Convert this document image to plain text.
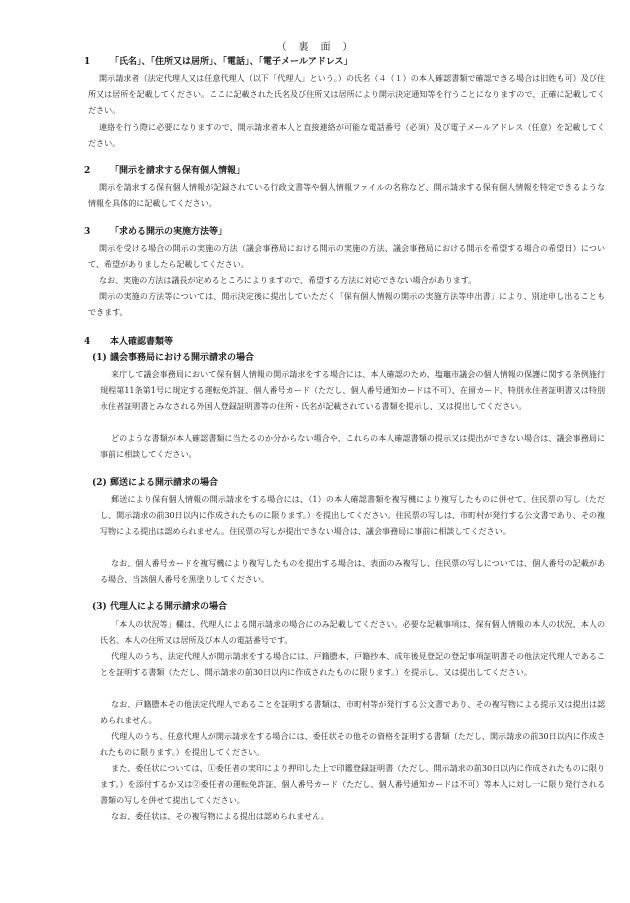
（　裏　面　）
1 「氏名」、「住所又は居所」、「電話」、「電子メールアドレス」
開示請求者（法定代理人又は任意代理人（以下「代理人」という。）の氏名（４（１）の本人確認書類で確認できる場合は旧姓も可）及び住所又は居所を記載してください。ここに記載された氏名及び住所又は居所により開示決定通知等を行うことになりますので、正確に記載してください。
連絡を行う際に必要になりますので、開示請求者本人と直接連絡が可能な電話番号（必須）及び電子メールアドレス（任意）を記載してください。
2 「開示を請求する保有個人情報」
開示を請求する保有個人情報が記録されている行政文書等や個人情報ファイルの名称など、開示請求する保有個人情報を特定できるような情報を具体的に記載してください。
3 「求める開示の実施方法等」
開示を受ける場合の開示の実施の方法（議会事務局における開示の実施の方法、議会事務局における開示を希望する場合の希望日）について、希望がありましたら記載してください。
なお、実施の方法は議長が定めるところによりますので、希望する方法に対応できない場合があります。
開示の実施の方法等については、開示決定後に提出していただく「保有個人情報の開示の実施方法等申出書」により、別途申し出ることもできます。
4 本人確認書類等
(1) 議会事務局における開示請求の場合
来庁して議会事務局において保有個人情報の開示請求をする場合には、本人確認のため、塩竈市議会の個人情報の保護に関する条例施行規程第11条第1号に規定する運転免許証、個人番号カード（ただし、個人番号通知カードは不可）、在留カード、特別永住者証明書又は特別永住者証明書とみなされる外国人登録証明書等の住所・氏名が記載されている書類を提示し、又は提出してください。
どのような書類が本人確認書類に当たるのか分からない場合や、これらの本人確認書類の提示又は提出ができない場合は、議会事務局に事前に相談してください。
(2) 郵送による開示請求の場合
郵送により保有個人情報の開示請求をする場合には、（1）の本人確認書類を複写機により複写したものに併せて、住民票の写し（ただし、開示請求の前30日以内に作成されたものに限ります。）を提出してください。住民票の写しは、市町村が発行する公文書であり、その複写物による提出は認められません。住民票の写しが提出できない場合は、議会事務局に事前に相談してください。
なお、個人番号カードを複写機により複写したものを提出する場合は、表面のみ複写し、住民票の写しについては、個人番号の記載がある場合、当該個人番号を黒塗りしてください。
(3) 代理人による開示請求の場合
「本人の状況等」欄は、代理人による開示請求の場合にのみ記載してください。必要な記載事項は、保有個人情報の本人の状況、本人の氏名、本人の住所又は居所及び本人の電話番号です。
代理人のうち、法定代理人が開示請求をする場合には、戸籍謄本、戸籍抄本、成年後見登記の登記事項証明書その他法定代理人であることを証明する書類（ただし、開示請求の前30日以内に作成されたものに限ります。）を提示し、又は提出してください。
なお、戸籍謄本その他法定代理人であることを証明する書類は、市町村等が発行する公文書であり、その複写物による提示又は提出は認められません。
代理人のうち、任意代理人が開示請求をする場合には、委任状その他その資格を証明する書類（ただし、開示請求の前30日以内に作成されたものに限ります。）を提出してください。
また、委任状については、①委任者の実印により押印した上で印鑑登録証明書（ただし、開示請求の前30日以内に作成されたものに限ります。）を添付するか又は②委任者の運転免許証、個人番号カード（ただし、個人番号通知カードは不可）等本人に対し一に限り発行される書類の写しを併せて提出してください。
なお、委任状は、その複写物による提出は認められません。
